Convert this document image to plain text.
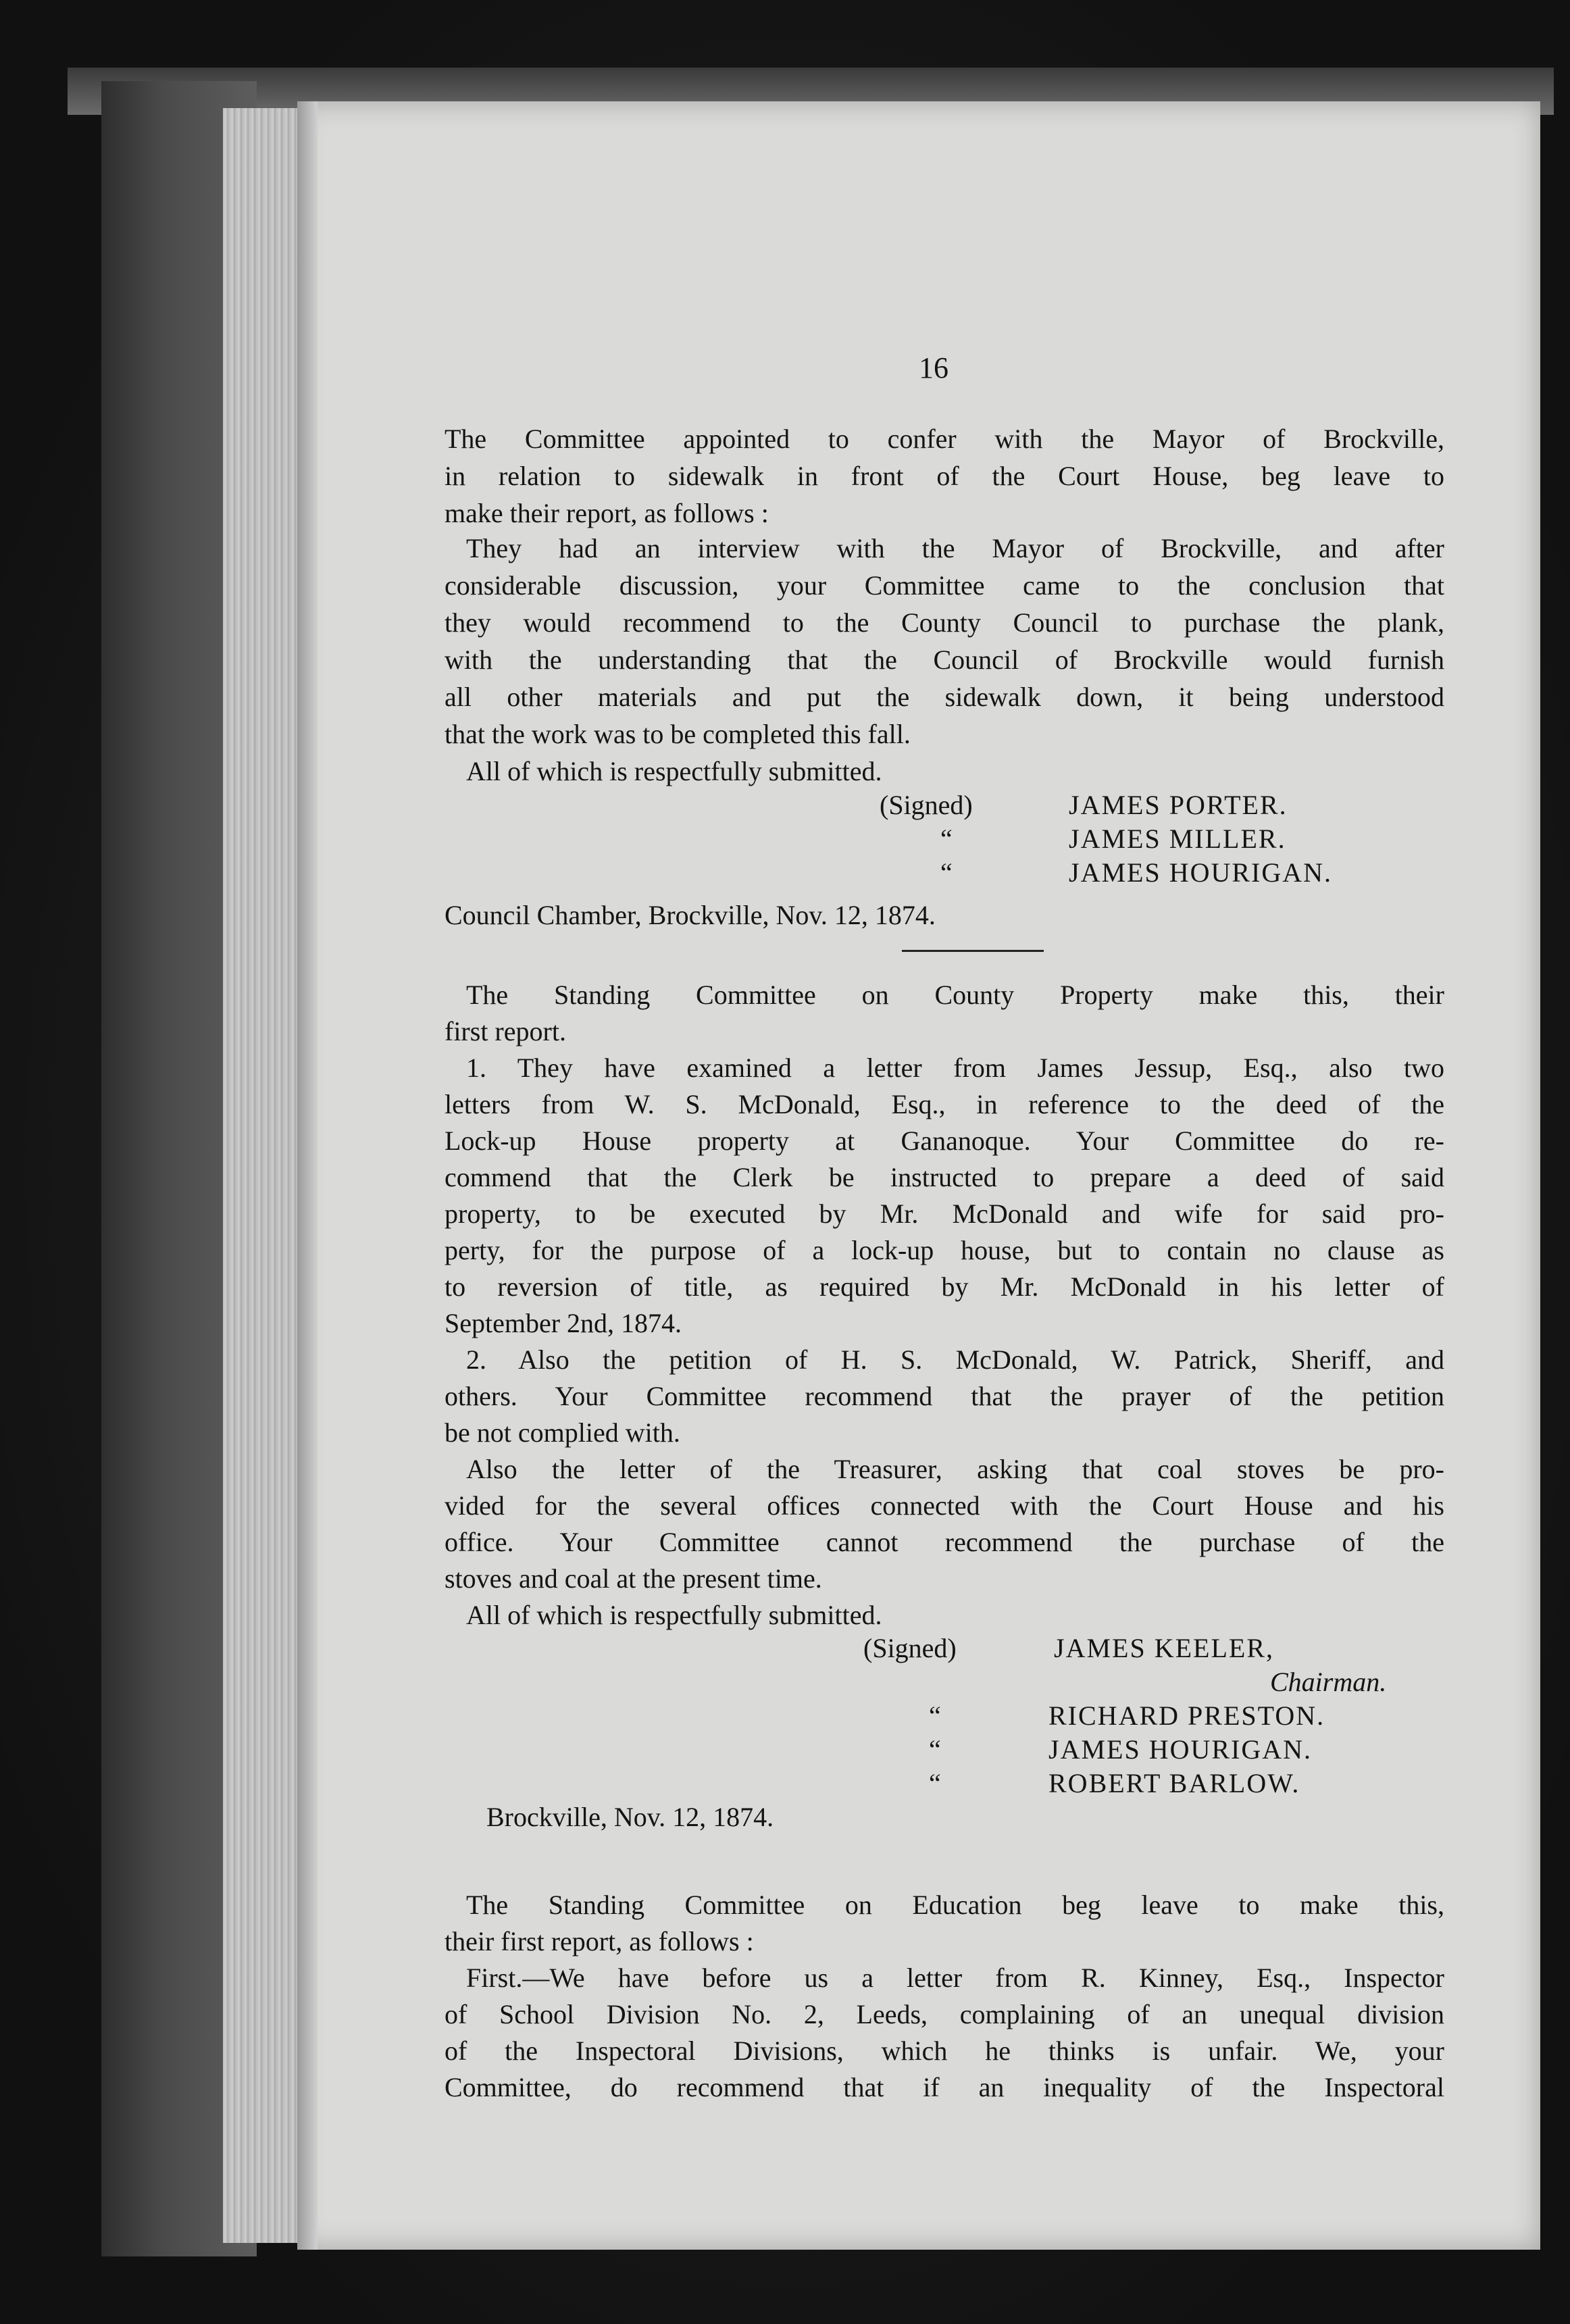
16
The Committee appointed to confer with the Mayor of Brockville,
in relation to sidewalk in front of the Court House, beg leave to
make their report, as follows :
They had an interview with the Mayor of Brockville, and after
considerable discussion, your Committee came to the conclusion that
they would recommend to the County Council to purchase the plank,
with the understanding that the Council of Brockville would furnish
all other materials and put the sidewalk down, it being understood
that the work was to be completed this fall.
All of which is respectfully submitted.
(Signed)	JAMES PORTER.
“	JAMES MILLER.
“	JAMES HOURIGAN.
Council Chamber, Brockville, Nov. 12, 1874.
The Standing Committee on County Property make this, their
first report.
1. They have examined a letter from James Jessup, Esq., also two
letters from W. S. McDonald, Esq., in reference to the deed of the
Lock-up House property at Gananoque. Your Committee do re-
commend that the Clerk be instructed to prepare a deed of said
property, to be executed by Mr. McDonald and wife for said pro-
perty, for the purpose of a lock-up house, but to contain no clause as
to reversion of title, as required by Mr. McDonald in his letter of
September 2nd, 1874.
2. Also the petition of H. S. McDonald, W. Patrick, Sheriff, and
others. Your Committee recommend that the prayer of the petition
be not complied with.
Also the letter of the Treasurer, asking that coal stoves be pro-
vided for the several offices connected with the Court House and his
office. Your Committee cannot recommend the purchase of the
stoves and coal at the present time.
All of which is respectfully submitted.
(Signed)	JAMES KEELER,
Chairman.
“	RICHARD PRESTON.
“	JAMES HOURIGAN.
“	ROBERT BARLOW.
Brockville, Nov. 12, 1874.
The Standing Committee on Education beg leave to make this,
their first report, as follows :
First.—We have before us a letter from R. Kinney, Esq., Inspector
of School Division No. 2, Leeds, complaining of an unequal division
of the Inspectoral Divisions, which he thinks is unfair. We, your
Committee, do recommend that if an inequality of the Inspectoral
